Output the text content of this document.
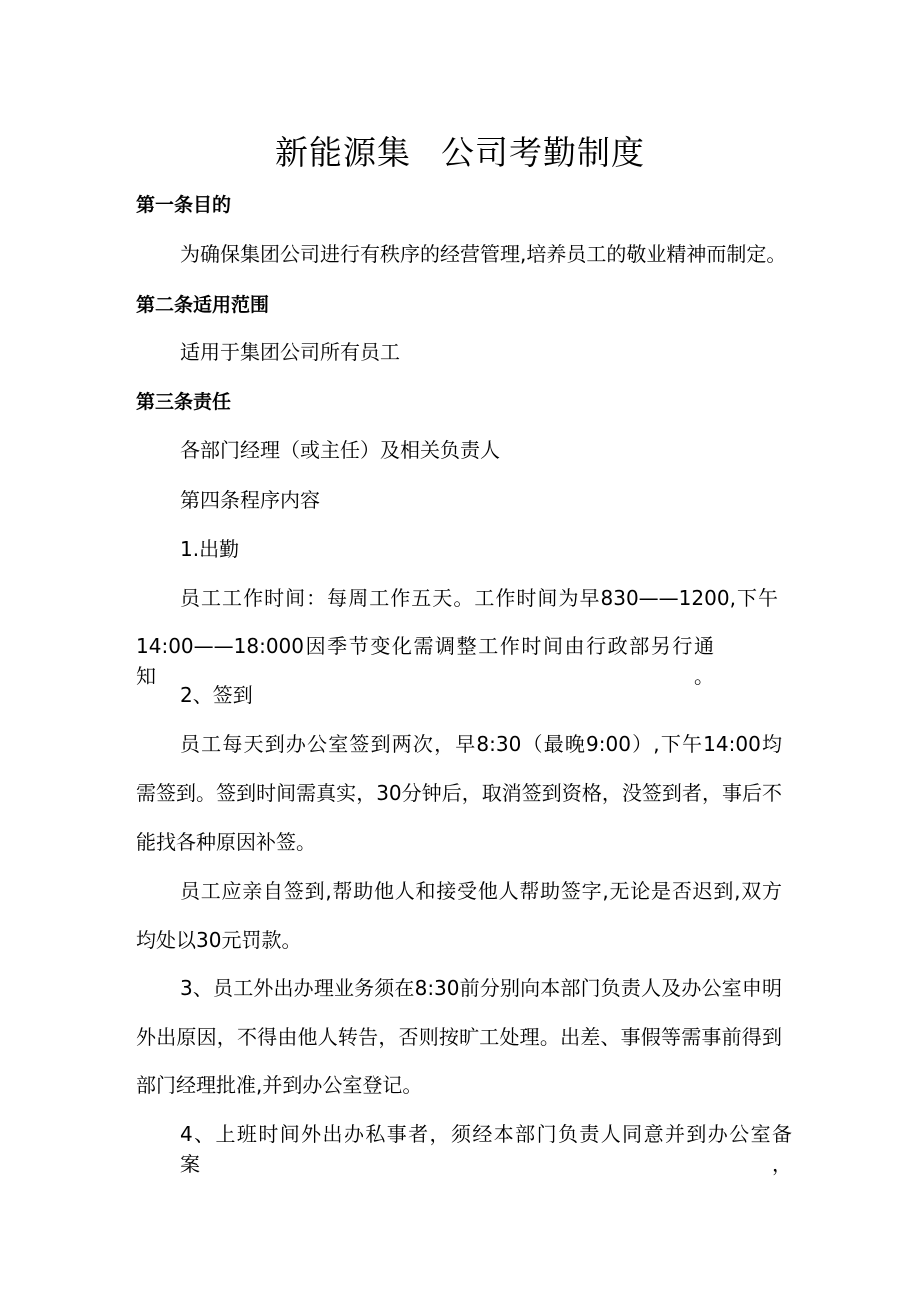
新能源集 公司考勤制度

第一条目的

为确保集团公司进行有秩序的经营管理,培养员工的敬业精神而制定。

第二条适用范围

适用于集团公司所有员工

第三条责任

各部门经理（或主任）及相关负责人

第四条程序内容

1.出勤

员工工作时间：每周工作五天。工作时间为早830——1200,下午

14:00——18:000因季节变化需调整工作时间由行政部另行通知。

2、签到

员工每天到办公室签到两次，早8:30（最晚9:00）,下午14:00均

需签到。签到时间需真实，30分钟后，取消签到资格，没签到者，事后不

能找各种原因补签。

员工应亲自签到,帮助他人和接受他人帮助签字,无论是否迟到,双方

均处以30元罚款。

3、员工外出办理业务须在8:30前分别向本部门负责人及办公室申明

外出原因，不得由他人转告，否则按旷工处理。出差、事假等需事前得到

部门经理批准,并到办公室登记。

4、上班时间外出办私事者，须经本部门负责人同意并到办公室备案，
